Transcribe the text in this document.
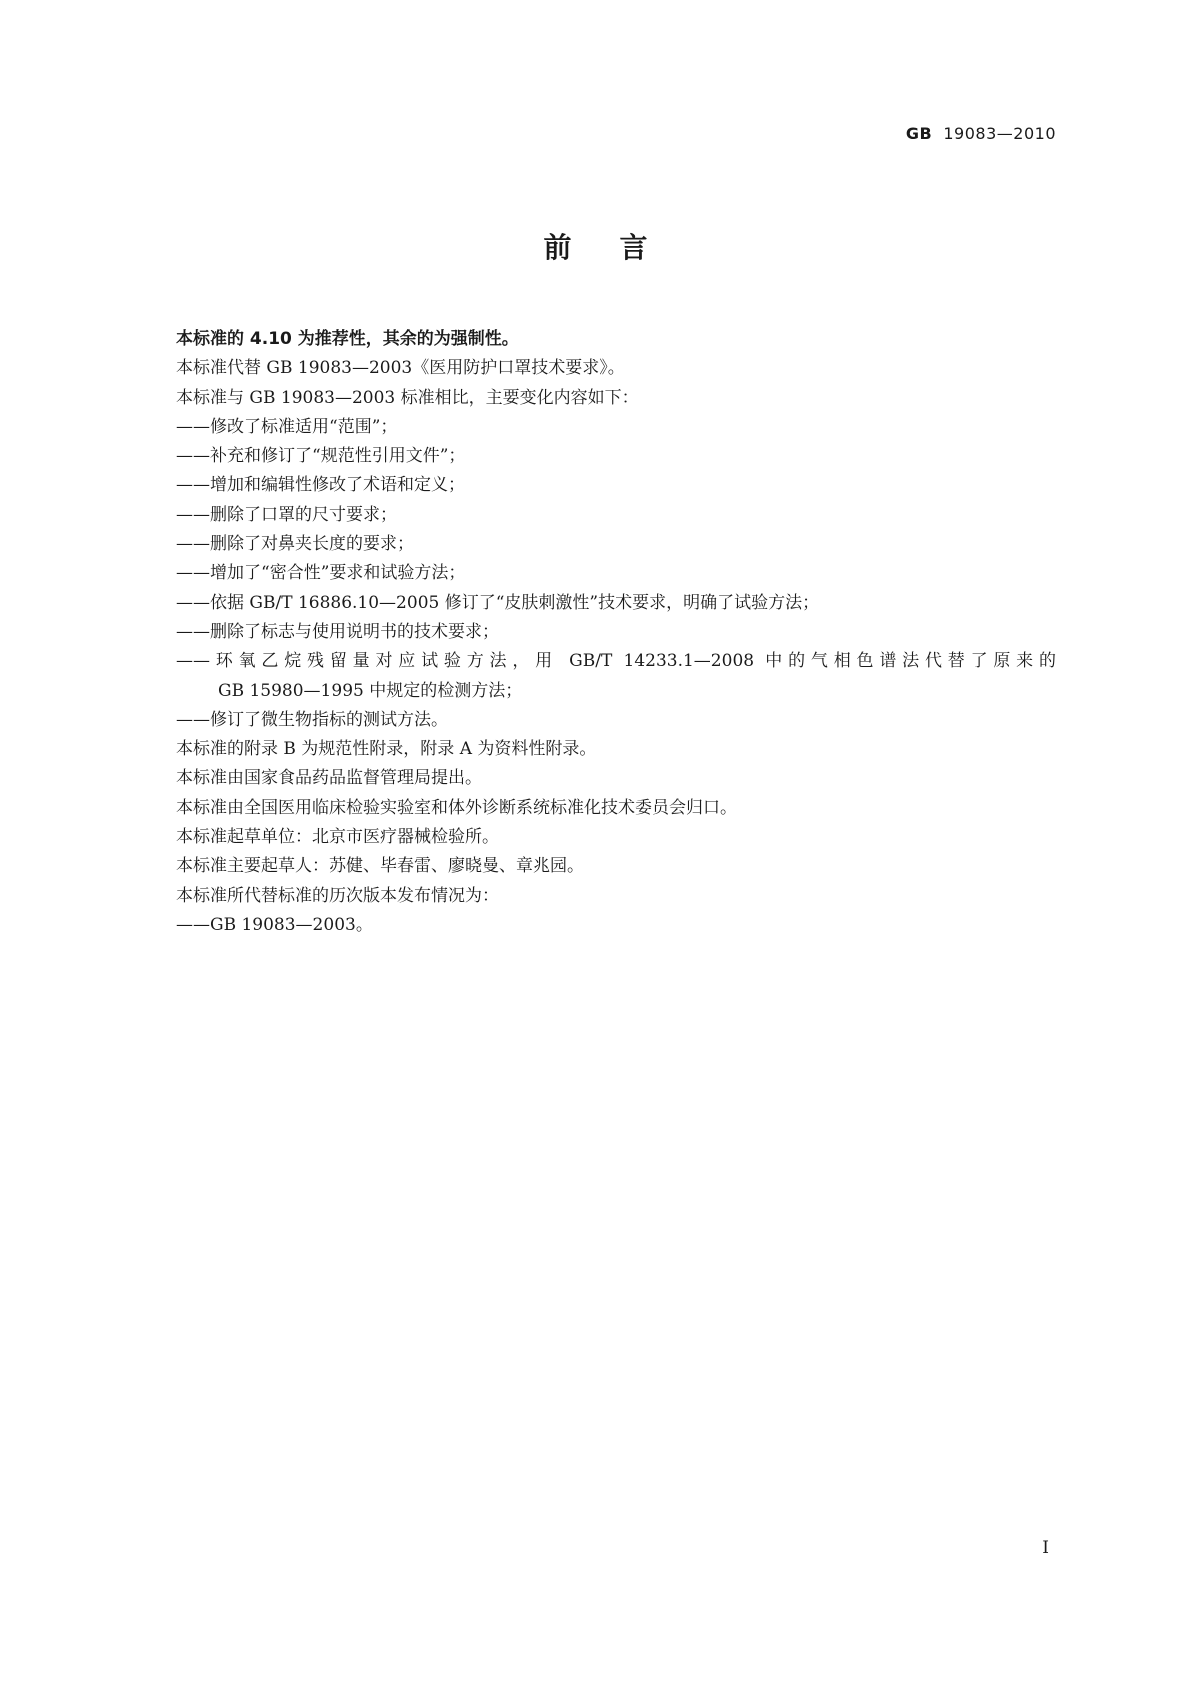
GB 19083—2010
前言
本标准的 4.10 为推荐性，其余的为强制性。
本标准代替 GB 19083—2003《医用防护口罩技术要求》。
本标准与 GB 19083—2003 标准相比，主要变化内容如下：
——修改了标准适用“范围”；
——补充和修订了“规范性引用文件”；
——增加和编辑性修改了术语和定义；
——删除了口罩的尺寸要求；
——删除了对鼻夹长度的要求；
——增加了“密合性”要求和试验方法；
——依据 GB/T 16886.10—2005 修订了“皮肤刺激性”技术要求，明确了试验方法；
——删除了标志与使用说明书的技术要求；
——环氧乙烷残留量对应试验方法，用 GB/T 14233.1—2008 中的气相色谱法代替了原来的
GB 15980—1995 中规定的检测方法；
——修订了微生物指标的测试方法。
本标准的附录 B 为规范性附录，附录 A 为资料性附录。
本标准由国家食品药品监督管理局提出。
本标准由全国医用临床检验实验室和体外诊断系统标准化技术委员会归口。
本标准起草单位：北京市医疗器械检验所。
本标准主要起草人：苏健、毕春雷、廖晓曼、章兆园。
本标准所代替标准的历次版本发布情况为：
——GB 19083—2003。
I
